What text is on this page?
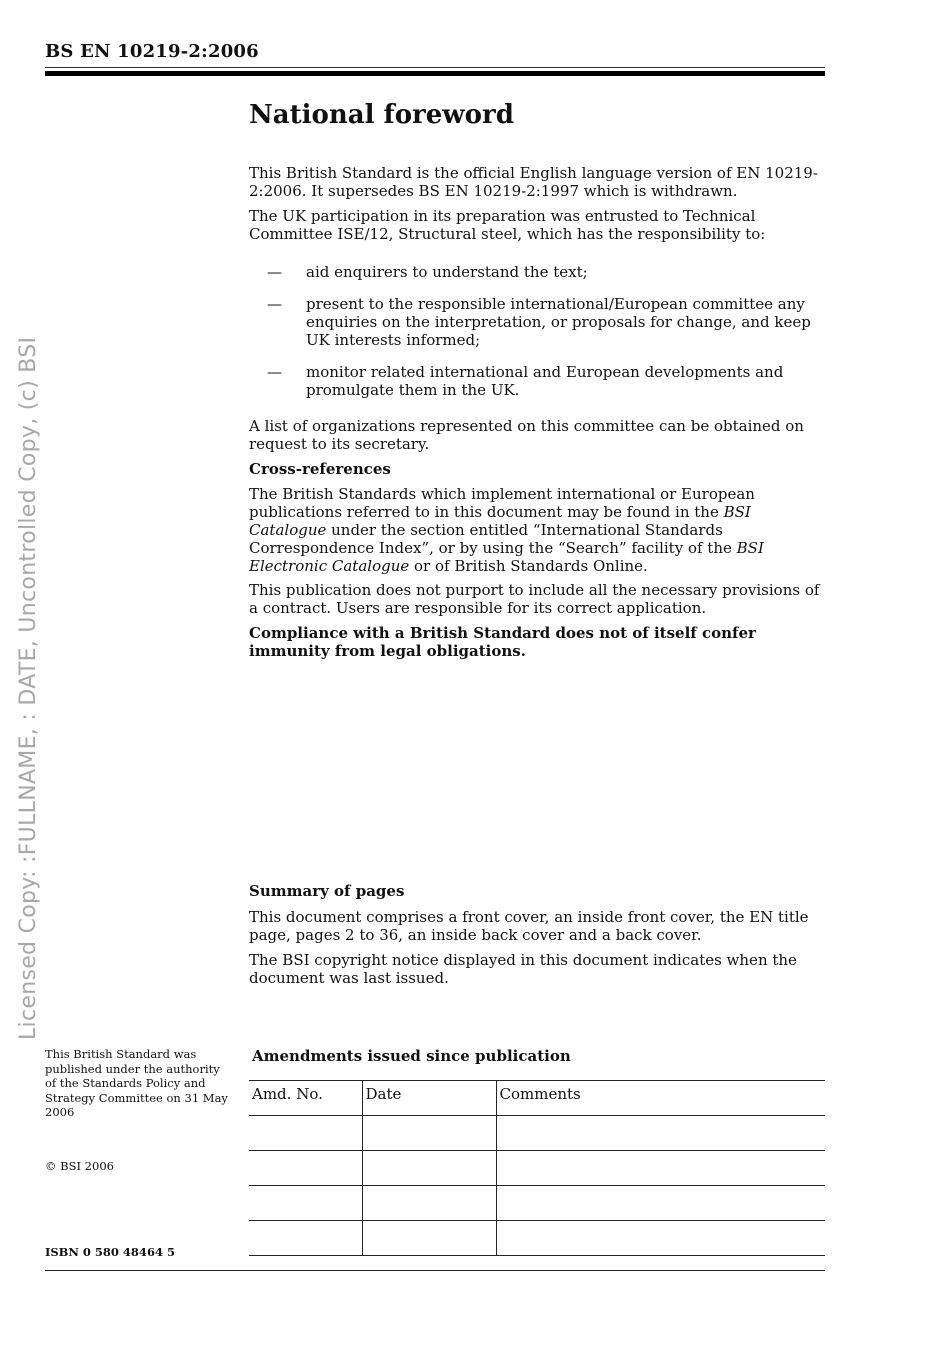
BS EN 10219-2:2006
Licensed Copy: :FULLNAME, : DATE, Uncontrolled Copy, (c) BSI
National foreword

This British Standard is the official English language version of EN 10219-2:2006. It supersedes BS EN 10219-2:1997 which is withdrawn.

The UK participation in its preparation was entrusted to Technical Committee ISE/12, Structural steel, which has the responsibility to:

—	aid enquirers to understand the text;
—	present to the responsible international/European committee any enquiries on the interpretation, or proposals for change, and keep UK interests informed;
—	monitor related international and European developments and promulgate them in the UK.

A list of organizations represented on this committee can be obtained on request to its secretary.

Cross-references

The British Standards which implement international or European publications referred to in this document may be found in the BSI Catalogue under the section entitled “International Standards Correspondence Index”, or by using the “Search” facility of the BSI Electronic Catalogue or of British Standards Online.

This publication does not purport to include all the necessary provisions of a contract. Users are responsible for its correct application.

Compliance with a British Standard does not of itself confer immunity from legal obligations.

Summary of pages

This document comprises a front cover, an inside front cover, the EN title page, pages 2 to 36, an inside back cover and a back cover.

The BSI copyright notice displayed in this document indicates when the document was last issued.

This British Standard was published under the authority of the Standards Policy and Strategy Committee on 31 May 2006
© BSI 2006
ISBN 0 580 48464 5
Amendments issued since publication
Amd. No.	Date	Comments
